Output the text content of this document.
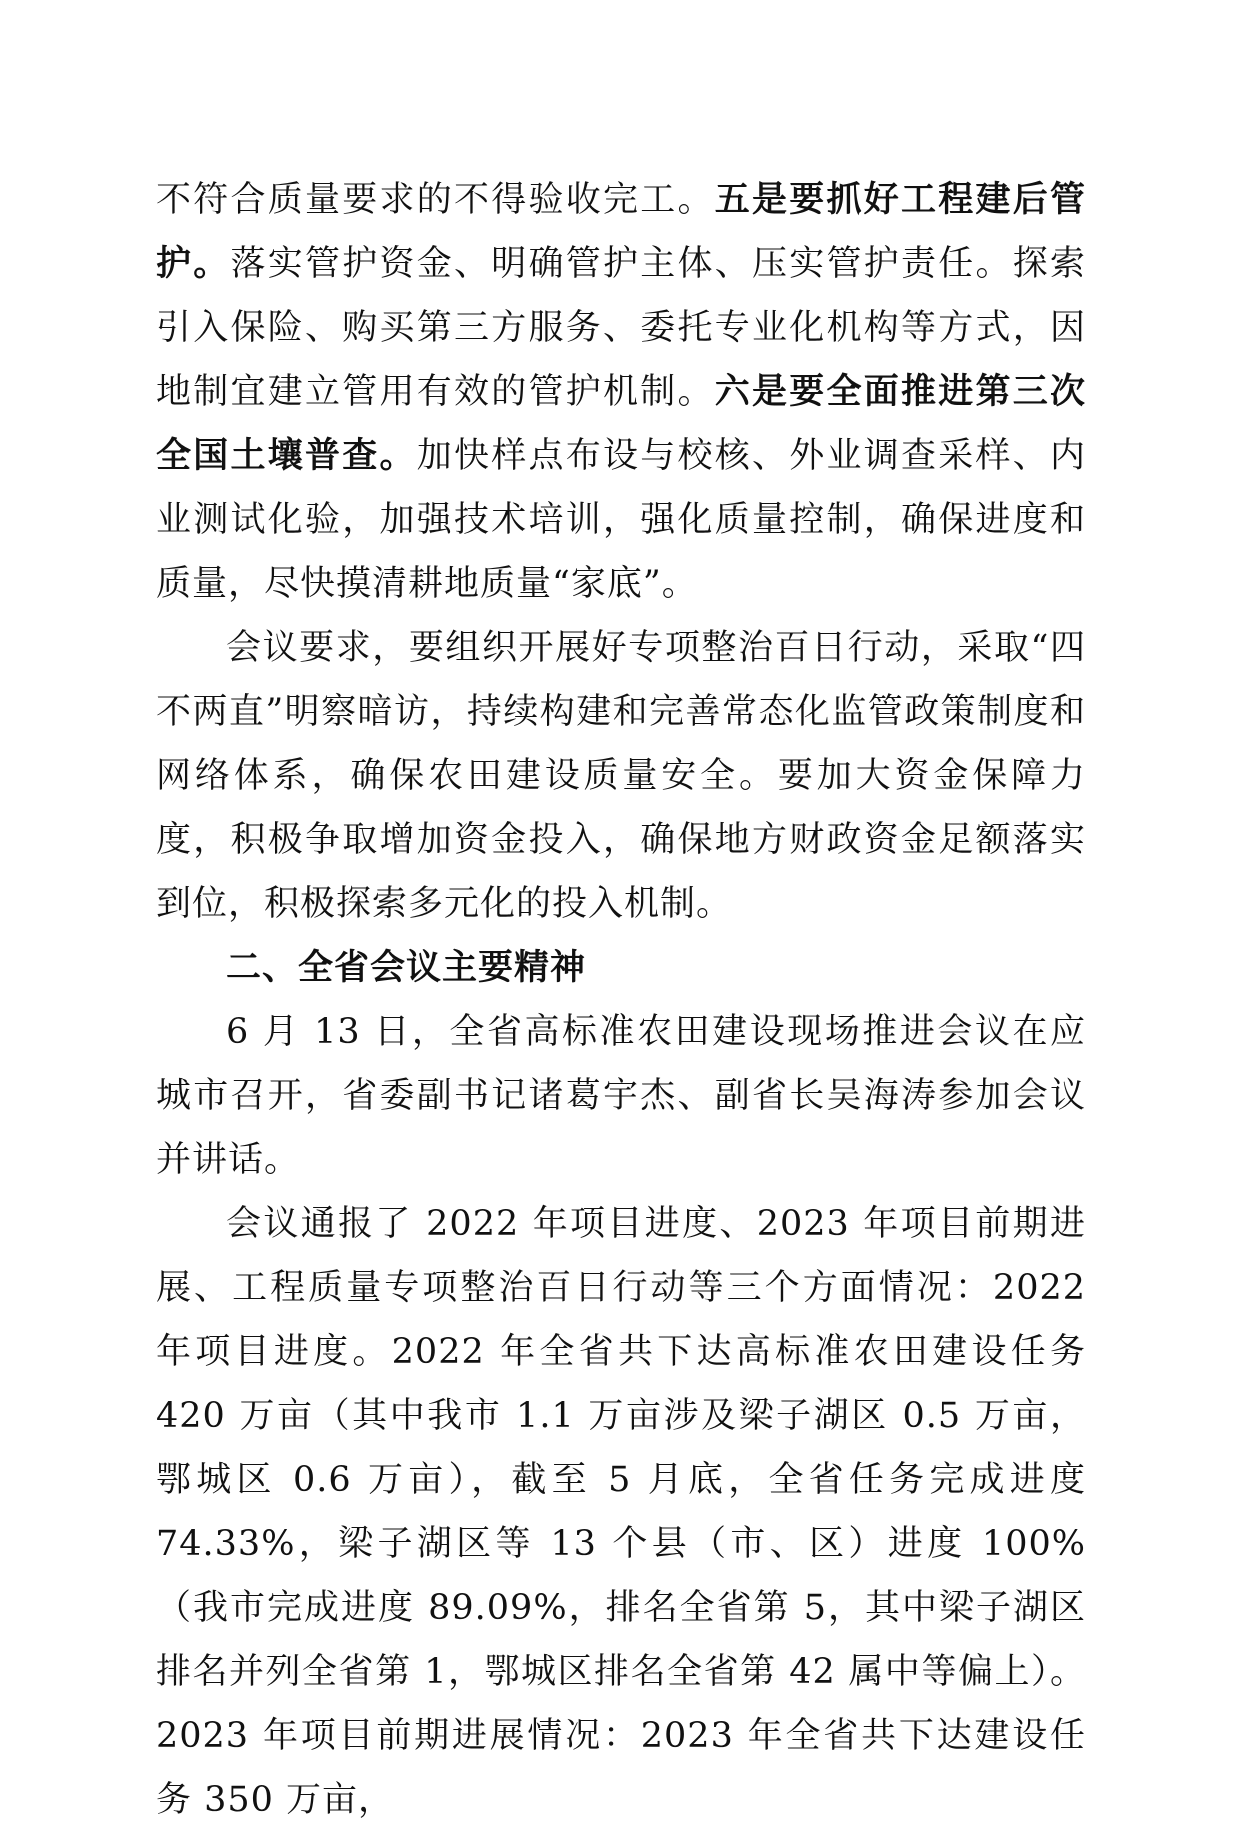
不符合质量要求的不得验收完工。五是要抓好工程建后管护。落实管护资金、明确管护主体、压实管护责任。探索引入保险、购买第三方服务、委托专业化机构等方式，因地制宜建立管用有效的管护机制。六是要全面推进第三次全国土壤普查。加快样点布设与校核、外业调查采样、内业测试化验，加强技术培训，强化质量控制，确保进度和质量，尽快摸清耕地质量“家底”。

会议要求，要组织开展好专项整治百日行动，采取“四不两直”明察暗访，持续构建和完善常态化监管政策制度和网络体系，确保农田建设质量安全。要加大资金保障力度，积极争取增加资金投入，确保地方财政资金足额落实到位，积极探索多元化的投入机制。

二、全省会议主要精神

6 月 13 日，全省高标准农田建设现场推进会议在应城市召开，省委副书记诸葛宇杰、副省长吴海涛参加会议并讲话。

会议通报了 2022 年项目进度、2023 年项目前期进展、工程质量专项整治百日行动等三个方面情况：2022 年项目进度。2022 年全省共下达高标准农田建设任务 420 万亩（其中我市 1.1 万亩涉及梁子湖区 0.5 万亩，鄂城区 0.6 万亩），截至 5 月底，全省任务完成进度 74.33%，梁子湖区等 13 个县（市、区）进度 100%（我市完成进度 89.09%，排名全省第 5，其中梁子湖区排名并列全省第 1，鄂城区排名全省第 42 属中等偏上）。2023 年项目前期进展情况：2023 年全省共下达建设任务 350 万亩，
